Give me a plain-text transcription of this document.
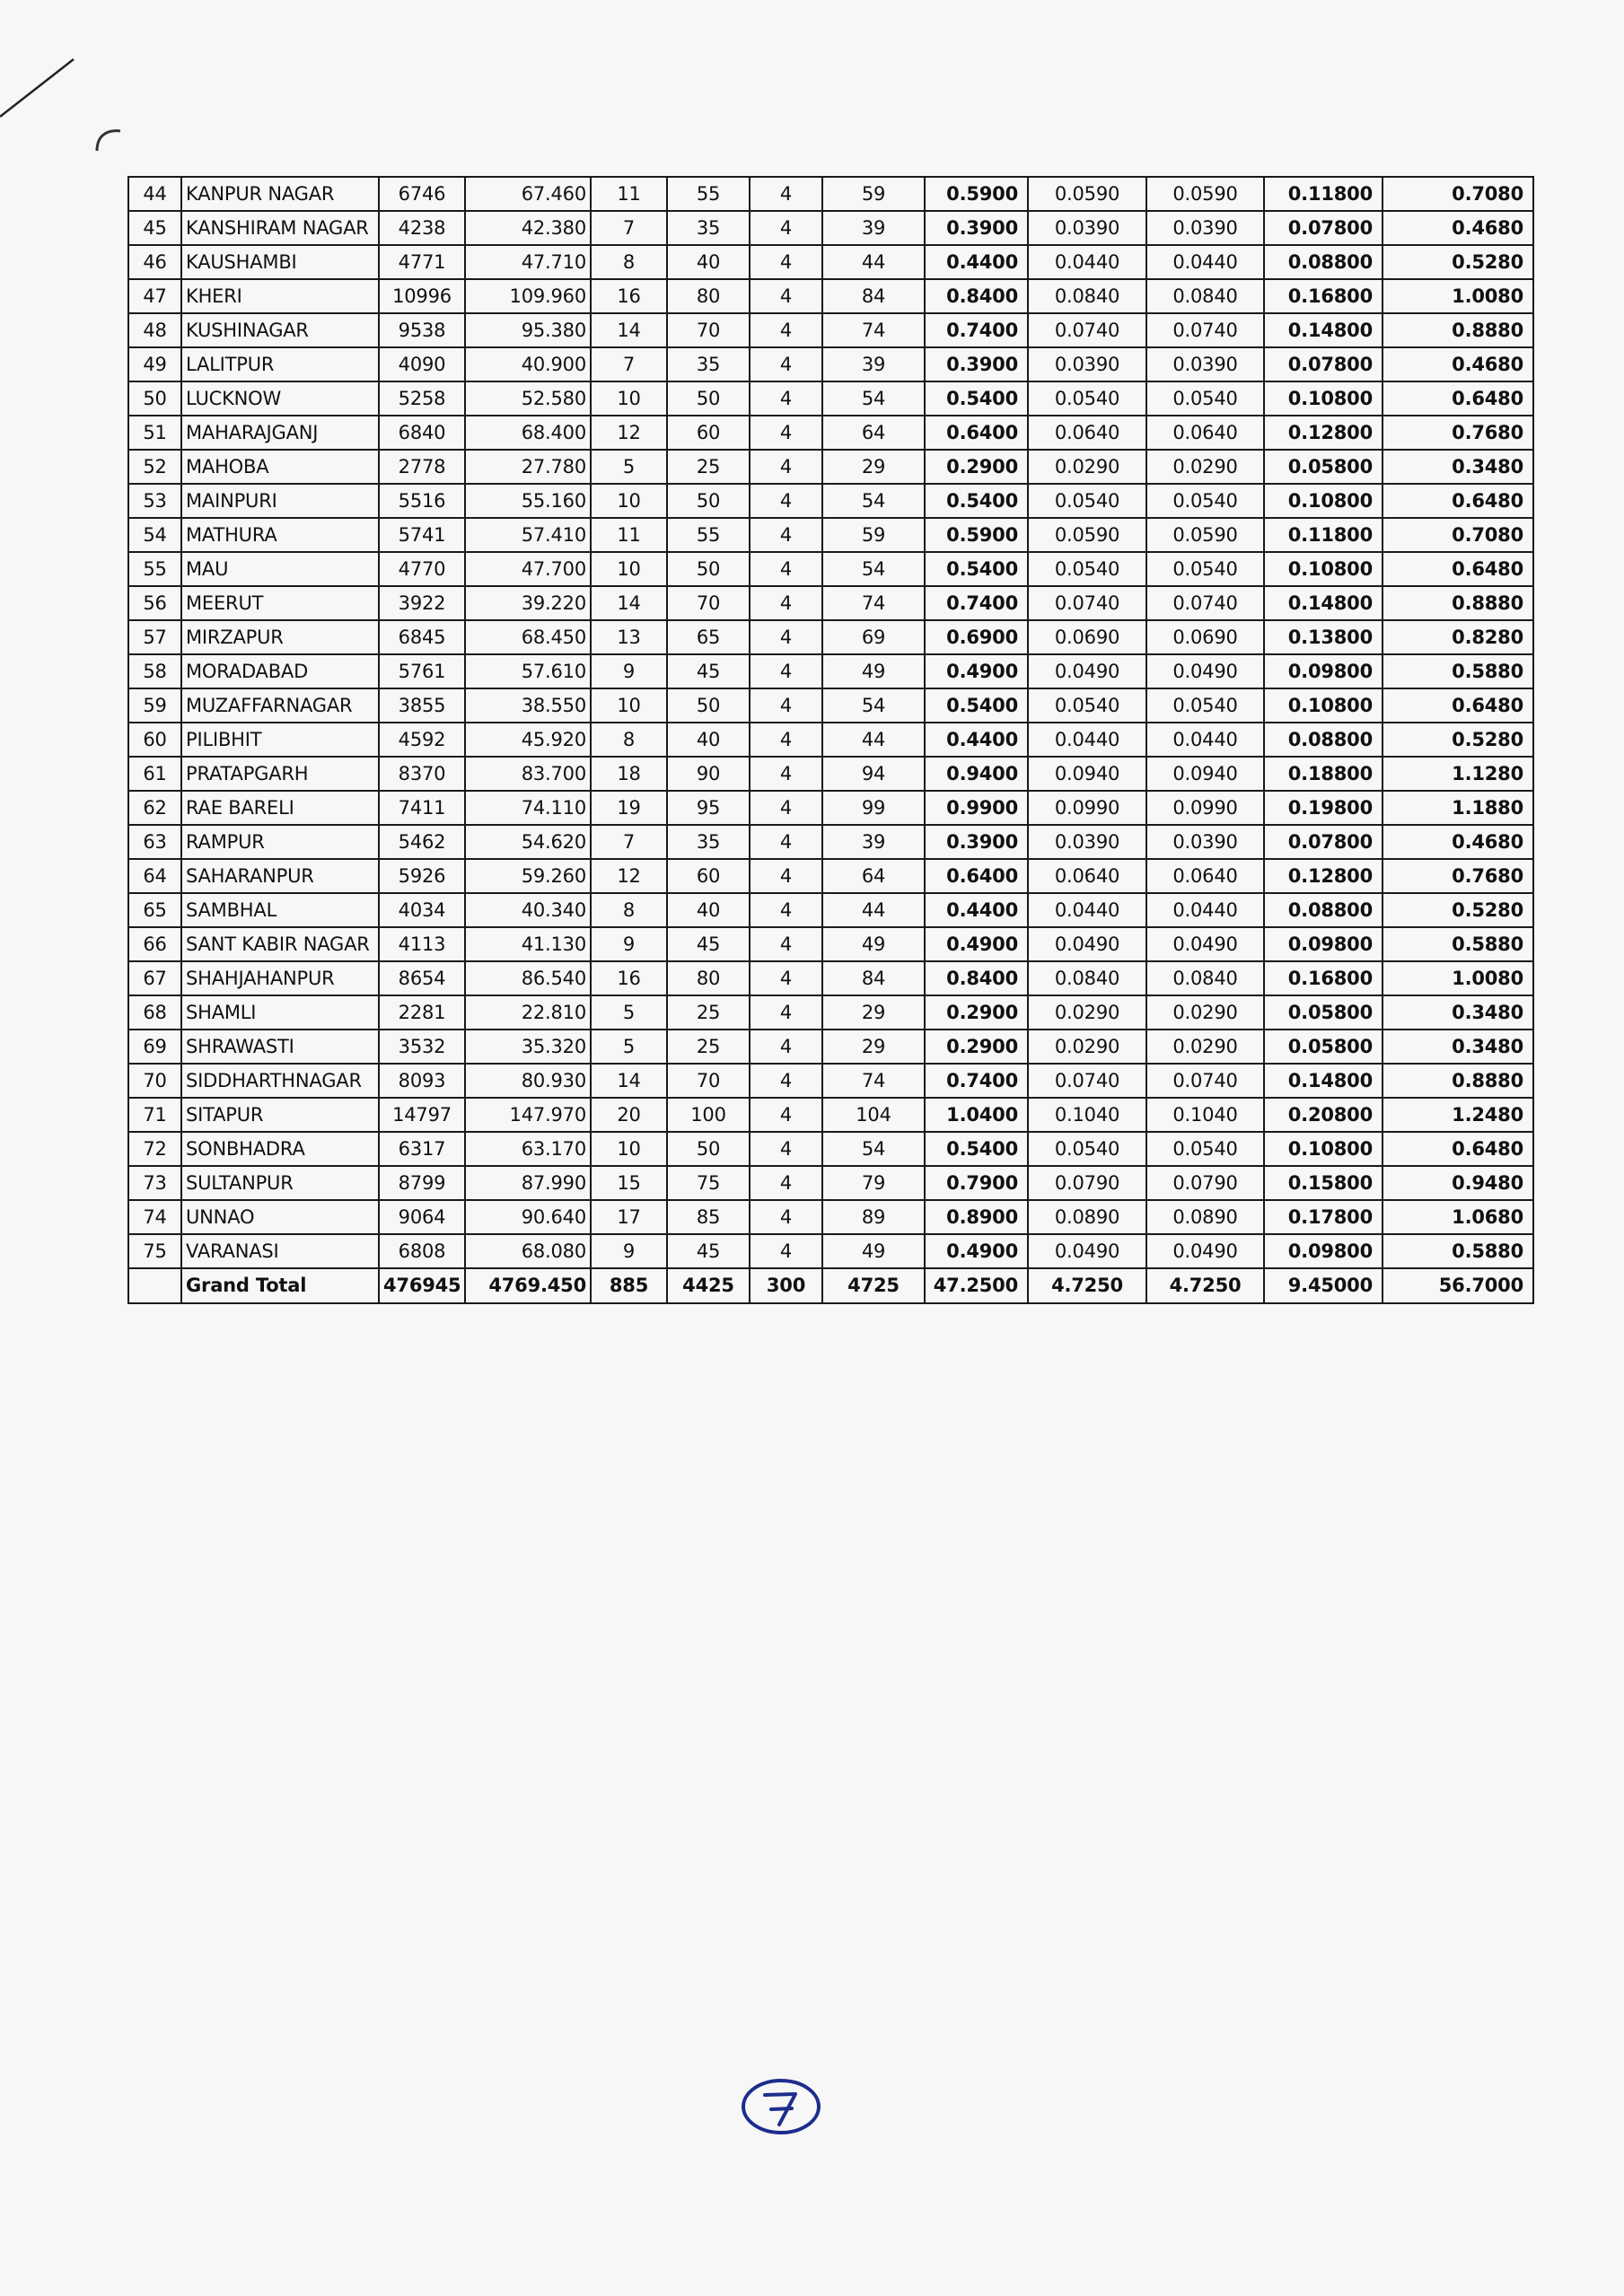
44	KANPUR NAGAR	6746	67.460	11	55	4	59	0.5900	0.0590	0.0590	0.11800	0.7080
45	KANSHIRAM NAGAR	4238	42.380	7	35	4	39	0.3900	0.0390	0.0390	0.07800	0.4680
46	KAUSHAMBI	4771	47.710	8	40	4	44	0.4400	0.0440	0.0440	0.08800	0.5280
47	KHERI	10996	109.960	16	80	4	84	0.8400	0.0840	0.0840	0.16800	1.0080
48	KUSHINAGAR	9538	95.380	14	70	4	74	0.7400	0.0740	0.0740	0.14800	0.8880
49	LALITPUR	4090	40.900	7	35	4	39	0.3900	0.0390	0.0390	0.07800	0.4680
50	LUCKNOW	5258	52.580	10	50	4	54	0.5400	0.0540	0.0540	0.10800	0.6480
51	MAHARAJGANJ	6840	68.400	12	60	4	64	0.6400	0.0640	0.0640	0.12800	0.7680
52	MAHOBA	2778	27.780	5	25	4	29	0.2900	0.0290	0.0290	0.05800	0.3480
53	MAINPURI	5516	55.160	10	50	4	54	0.5400	0.0540	0.0540	0.10800	0.6480
54	MATHURA	5741	57.410	11	55	4	59	0.5900	0.0590	0.0590	0.11800	0.7080
55	MAU	4770	47.700	10	50	4	54	0.5400	0.0540	0.0540	0.10800	0.6480
56	MEERUT	3922	39.220	14	70	4	74	0.7400	0.0740	0.0740	0.14800	0.8880
57	MIRZAPUR	6845	68.450	13	65	4	69	0.6900	0.0690	0.0690	0.13800	0.8280
58	MORADABAD	5761	57.610	9	45	4	49	0.4900	0.0490	0.0490	0.09800	0.5880
59	MUZAFFARNAGAR	3855	38.550	10	50	4	54	0.5400	0.0540	0.0540	0.10800	0.6480
60	PILIBHIT	4592	45.920	8	40	4	44	0.4400	0.0440	0.0440	0.08800	0.5280
61	PRATAPGARH	8370	83.700	18	90	4	94	0.9400	0.0940	0.0940	0.18800	1.1280
62	RAE BARELI	7411	74.110	19	95	4	99	0.9900	0.0990	0.0990	0.19800	1.1880
63	RAMPUR	5462	54.620	7	35	4	39	0.3900	0.0390	0.0390	0.07800	0.4680
64	SAHARANPUR	5926	59.260	12	60	4	64	0.6400	0.0640	0.0640	0.12800	0.7680
65	SAMBHAL	4034	40.340	8	40	4	44	0.4400	0.0440	0.0440	0.08800	0.5280
66	SANT KABIR NAGAR	4113	41.130	9	45	4	49	0.4900	0.0490	0.0490	0.09800	0.5880
67	SHAHJAHANPUR	8654	86.540	16	80	4	84	0.8400	0.0840	0.0840	0.16800	1.0080
68	SHAMLI	2281	22.810	5	25	4	29	0.2900	0.0290	0.0290	0.05800	0.3480
69	SHRAWASTI	3532	35.320	5	25	4	29	0.2900	0.0290	0.0290	0.05800	0.3480
70	SIDDHARTHNAGAR	8093	80.930	14	70	4	74	0.7400	0.0740	0.0740	0.14800	0.8880
71	SITAPUR	14797	147.970	20	100	4	104	1.0400	0.1040	0.1040	0.20800	1.2480
72	SONBHADRA	6317	63.170	10	50	4	54	0.5400	0.0540	0.0540	0.10800	0.6480
73	SULTANPUR	8799	87.990	15	75	4	79	0.7900	0.0790	0.0790	0.15800	0.9480
74	UNNAO	9064	90.640	17	85	4	89	0.8900	0.0890	0.0890	0.17800	1.0680
75	VARANASI	6808	68.080	9	45	4	49	0.4900	0.0490	0.0490	0.09800	0.5880
	Grand Total	476945	4769.450	885	4425	300	4725	47.2500	4.7250	4.7250	9.45000	56.7000
7
